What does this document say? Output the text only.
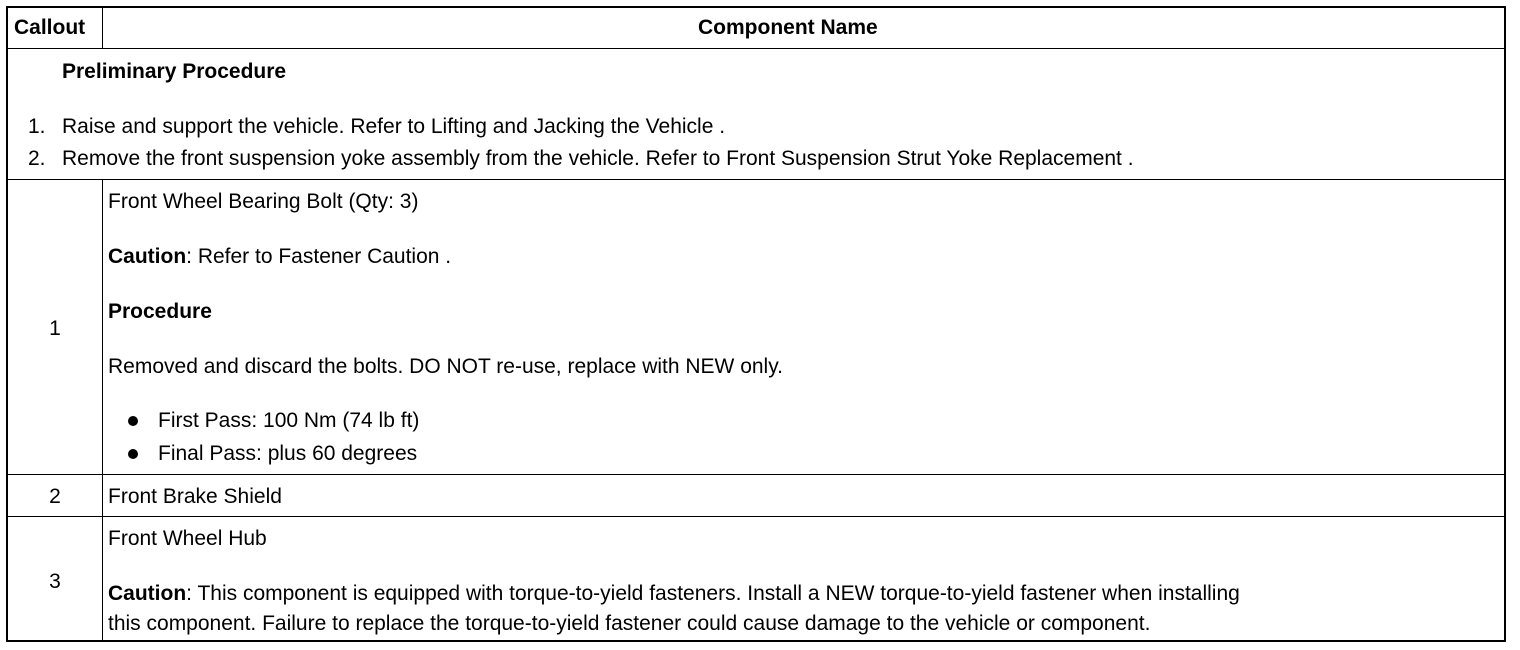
Callout	Component Name
Preliminary Procedure
1. Raise and support the vehicle. Refer to Lifting and Jacking the Vehicle .
2. Remove the front suspension yoke assembly from the vehicle. Refer to Front Suspension Strut Yoke Replacement .
1
Front Wheel Bearing Bolt (Qty: 3)
Caution: Refer to Fastener Caution .
Procedure
Removed and discard the bolts. DO NOT re-use, replace with NEW only.
First Pass: 100 Nm (74 lb ft)
Final Pass: plus 60 degrees
2	Front Brake Shield
3
Front Wheel Hub
Caution: This component is equipped with torque-to-yield fasteners. Install a NEW torque-to-yield fastener when installing
this component. Failure to replace the torque-to-yield fastener could cause damage to the vehicle or component.
